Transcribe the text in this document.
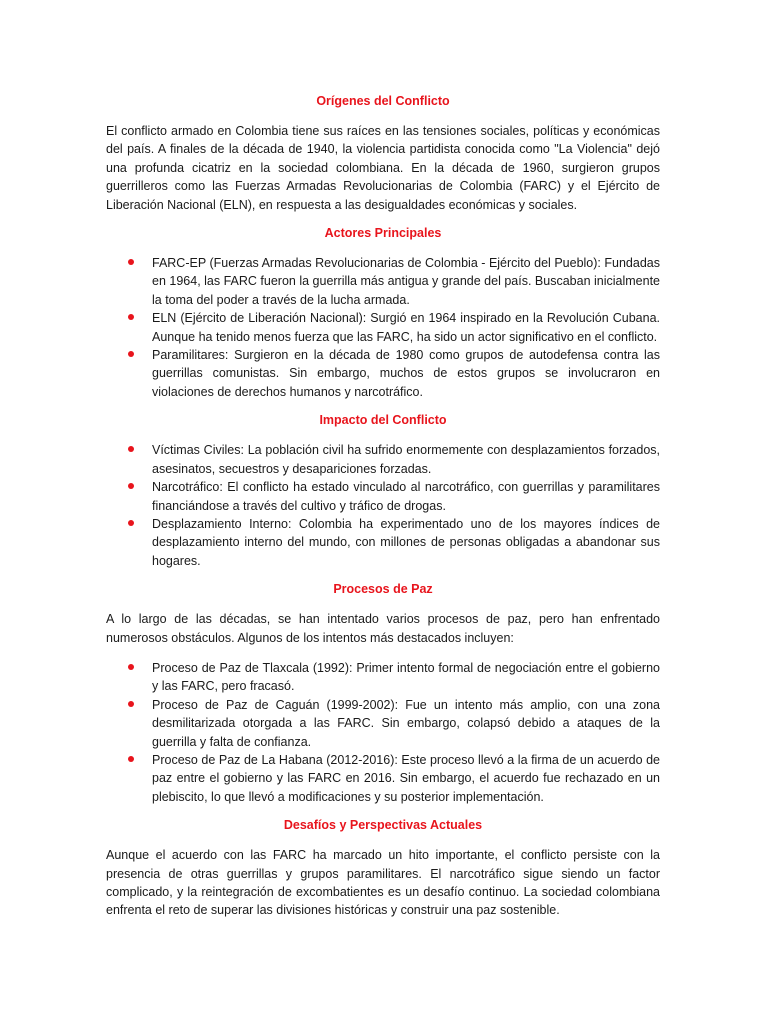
Orígenes del Conflicto

El conflicto armado en Colombia tiene sus raíces en las tensiones sociales, políticas y económicas del país. A finales de la década de 1940, la violencia partidista conocida como "La Violencia" dejó una profunda cicatriz en la sociedad colombiana. En la década de 1960, surgieron grupos guerrilleros como las Fuerzas Armadas Revolucionarias de Colombia (FARC) y el Ejército de Liberación Nacional (ELN), en respuesta a las desigualdades económicas y sociales.

Actores Principales
FARC-EP (Fuerzas Armadas Revolucionarias de Colombia - Ejército del Pueblo): Fundadas en 1964, las FARC fueron la guerrilla más antigua y grande del país. Buscaban inicialmente la toma del poder a través de la lucha armada.
ELN (Ejército de Liberación Nacional): Surgió en 1964 inspirado en la Revolución Cubana. Aunque ha tenido menos fuerza que las FARC, ha sido un actor significativo en el conflicto.
Paramilitares: Surgieron en la década de 1980 como grupos de autodefensa contra las guerrillas comunistas. Sin embargo, muchos de estos grupos se involucraron en violaciones de derechos humanos y narcotráfico.
Impacto del Conflicto
Víctimas Civiles: La población civil ha sufrido enormemente con desplazamientos forzados, asesinatos, secuestros y desapariciones forzadas.
Narcotráfico: El conflicto ha estado vinculado al narcotráfico, con guerrillas y paramilitares financiándose a través del cultivo y tráfico de drogas.
Desplazamiento Interno: Colombia ha experimentado uno de los mayores índices de desplazamiento interno del mundo, con millones de personas obligadas a abandonar sus hogares.
Procesos de Paz

A lo largo de las décadas, se han intentado varios procesos de paz, pero han enfrentado numerosos obstáculos. Algunos de los intentos más destacados incluyen:

Proceso de Paz de Tlaxcala (1992): Primer intento formal de negociación entre el gobierno y las FARC, pero fracasó.
Proceso de Paz de Caguán (1999-2002): Fue un intento más amplio, con una zona desmilitarizada otorgada a las FARC. Sin embargo, colapsó debido a ataques de la guerrilla y falta de confianza.
Proceso de Paz de La Habana (2012-2016): Este proceso llevó a la firma de un acuerdo de paz entre el gobierno y las FARC en 2016. Sin embargo, el acuerdo fue rechazado en un plebiscito, lo que llevó a modificaciones y su posterior implementación.
Desafíos y Perspectivas Actuales

Aunque el acuerdo con las FARC ha marcado un hito importante, el conflicto persiste con la presencia de otras guerrillas y grupos paramilitares. El narcotráfico sigue siendo un factor complicado, y la reintegración de excombatientes es un desafío continuo. La sociedad colombiana enfrenta el reto de superar las divisiones históricas y construir una paz sostenible.
